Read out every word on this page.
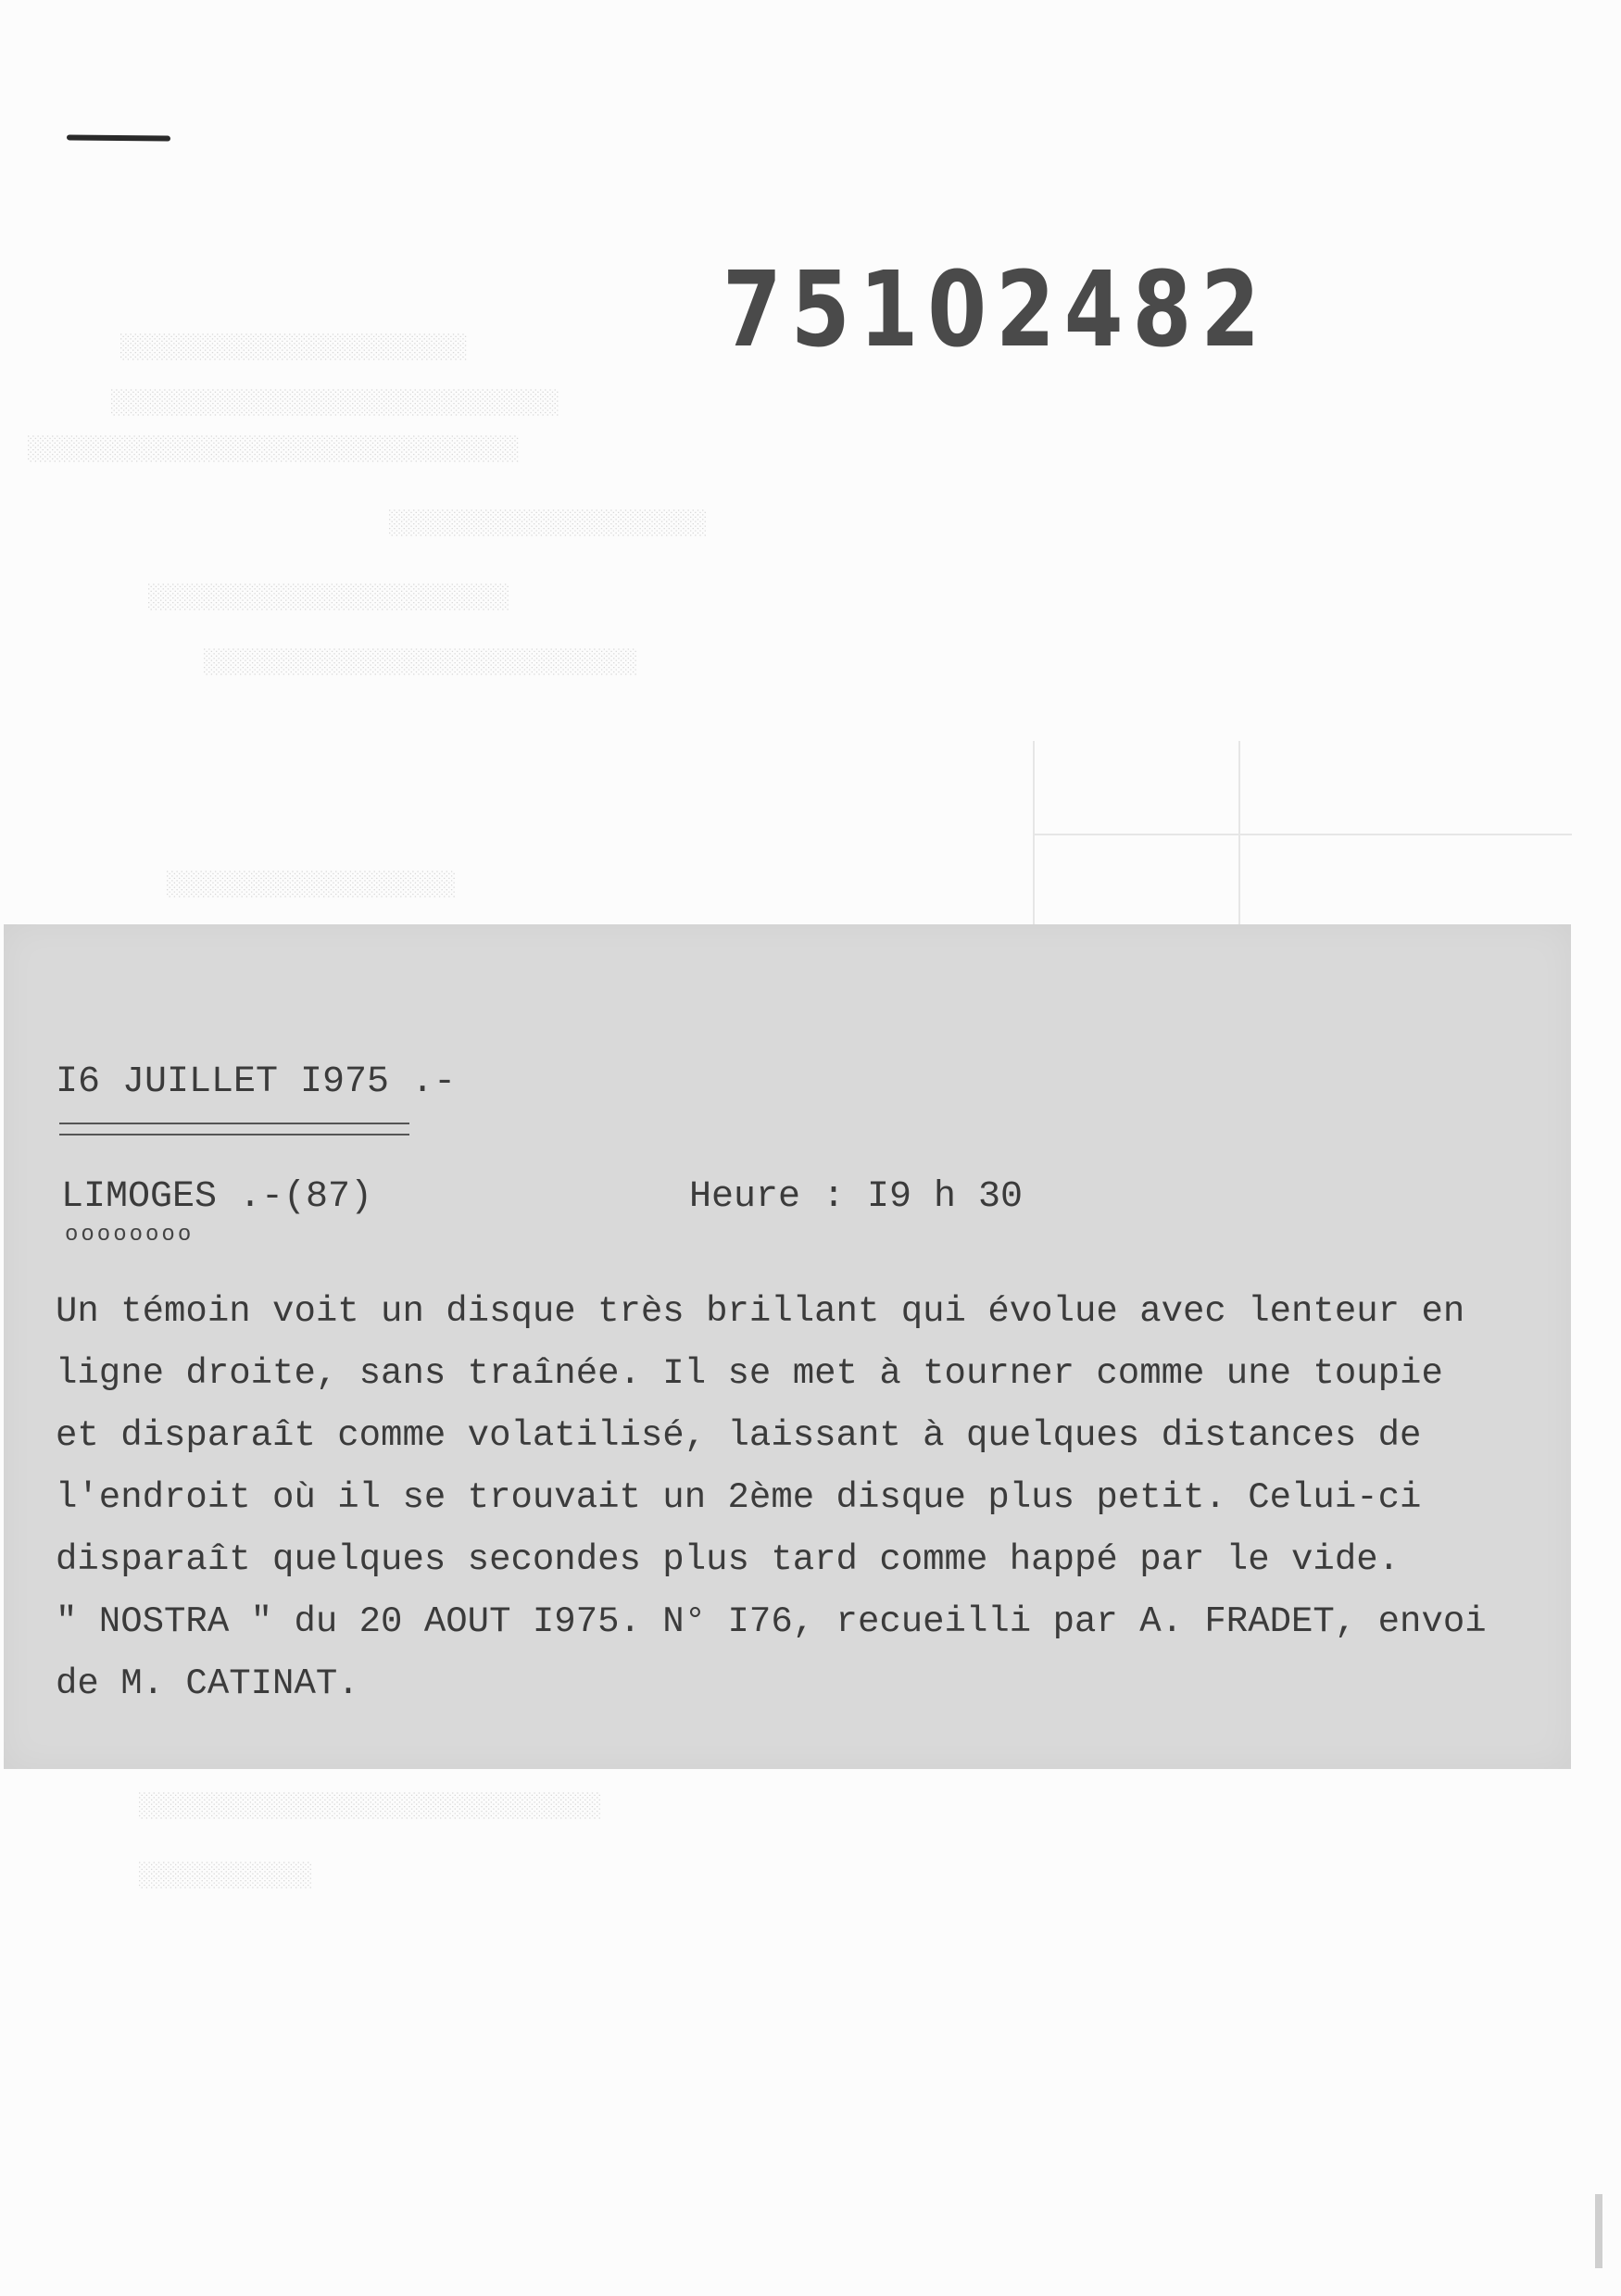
75102482
░░░░░░░░░░░░░░░░░░░░░░░░
░░░░░░░░░░░░░░░░░░░░░░░░░░░░░░░
░░░░░░░░░░░░░░░░░░░░░░░░░░░░░░░░░░
░░░░░░░░░░░░░░░░░░░░░░
░░░░░░░░░░░░░░░░░░░░░░░░░
░░░░░░░░░░░░░░░░░░░░░░░░░░░░░░
░░░░░░░░░░░░░░░░░░░░
░░░░░░░░░░░░░░░░░░░░░░░░░░░░░░░░
░░░░░░░░░░░░
I6 JUILLET I975 .-
LIMOGES .-(87)
oooooooo
Heure : I9 h 30
Un témoin voit un disque très brillant qui évolue avec lenteur en
ligne droite, sans traînée. Il se met à tourner comme une toupie
et disparaît comme volatilisé, laissant à quelques distances de
l'endroit où il se trouvait un 2ème disque plus petit. Celui-ci
disparaît quelques secondes plus tard comme happé par le vide.
" NOSTRA " du 20 AOUT I975. N° I76, recueilli par A. FRADET, envoi
de M. CATINAT.
